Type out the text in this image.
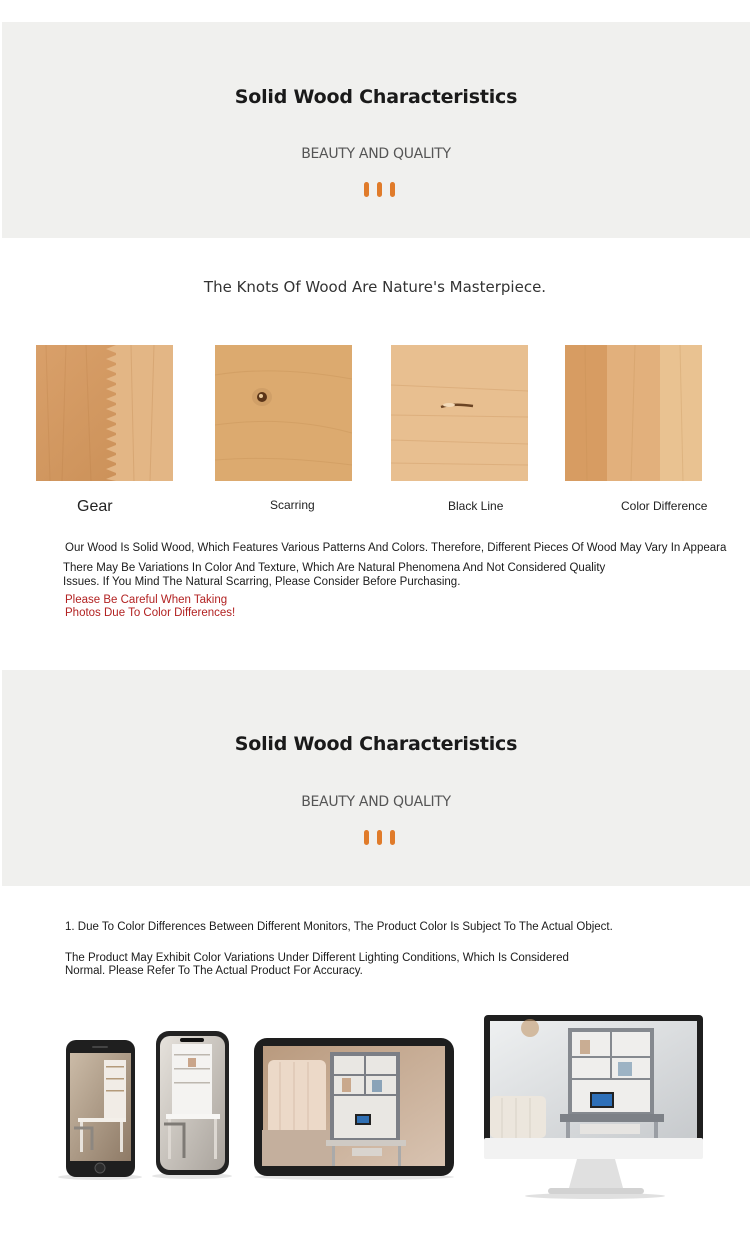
Solid Wood Characteristics
BEAUTY AND QUALITY
The Knots Of Wood Are Nature's Masterpiece.
Gear	Scarring	Black Line	Color Difference
Our Wood Is Solid Wood, Which Features Various Patterns And Colors. Therefore, Different Pieces Of Wood May Vary In Appeara
There May Be Variations In Color And Texture, Which Are Natural Phenomena And Not Considered Quality
Issues. If You Mind The Natural Scarring, Please Consider Before Purchasing.
Please Be Careful When Taking
Photos Due To Color Differences!
Solid Wood Characteristics
BEAUTY AND QUALITY
1. Due To Color Differences Between Different Monitors, The Product Color Is Subject To The Actual Object.
The Product May Exhibit Color Variations Under Different Lighting Conditions, Which Is Considered
Normal. Please Refer To The Actual Product For Accuracy.
